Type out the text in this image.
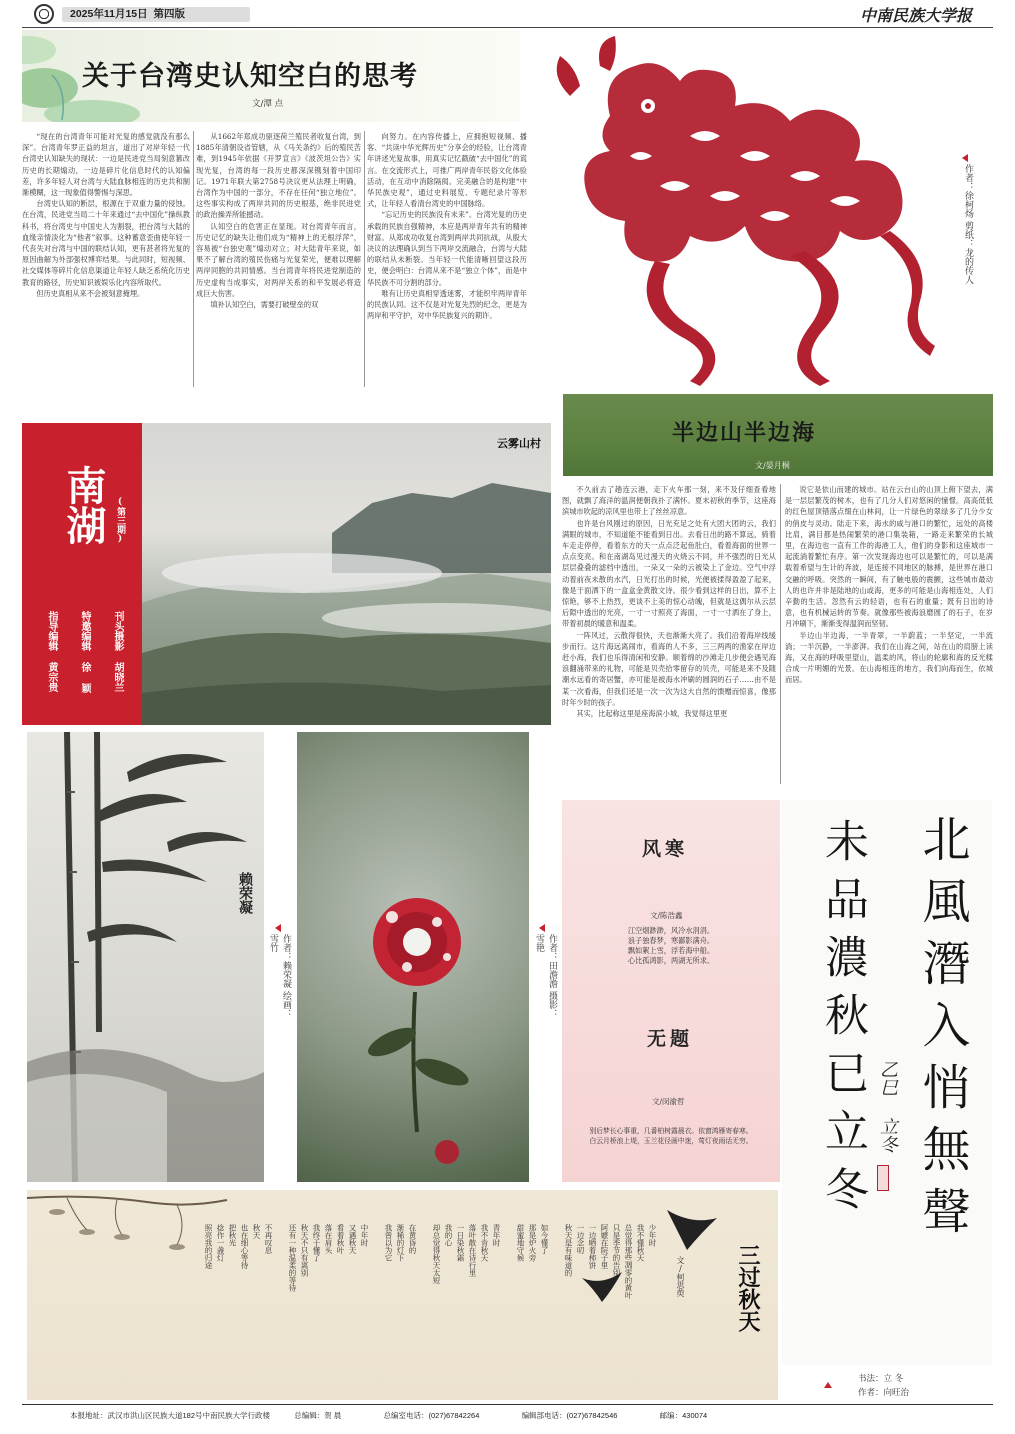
2025年11月15日 第四版	中南民族大学报
关于台湾史认知空白的思考
文/潭 点

“现在的台湾青年可能对光复的感觉就没有那么深”。台湾青年罗正益的坦言，道出了对岸年轻一代台湾史认知缺失的现状：一边是民进党当局刻意篡改历史的长期煽动，一边是碎片化信息时代的认知偏差，许多年轻人对台湾与大陆血脉相连的历史共和制渐模糊，这一现象值得警惕与深思。

台湾史认知的断层，根源在于双重力量的侵蚀。在台湾，民进党当局二十年来通过“去中国化”操纵教科书，将台湾史与中国史人为割裂，把台湾与大陆的血缘亲情淡化为“他者”叙事。这种蓄意歪曲使年轻一代丧失对台湾与中国的联结认知，更有甚者将光复的原因曲解为外部强权博弈结果。与此同时，短视频、社交媒体等碎片化信息渠道让年轻人缺乏系统化历史教育的路径，历史知识被娱乐化内容所取代。

但历史真相从来不会被刻意掩埋。

从1662年郑成功驱逐荷兰殖民者收复台湾，到1885年清朝设省管辖，从《马关条约》后的殖民苦难，到1945年依据《开罗宣言》《波茨坦公告》实现光复，台湾的每一段历史都深深镌刻着中国印记。1971年联大第2758号决议更从法理上明确，台湾作为中国的一部分，不存在任何“独立地位”。这些事实构成了两岸共同的历史根基，绝非民进党的政治操弄所能撼动。

认知空白的危害正在显现。对台湾青年而言，历史记忆的缺失让他们成为“精神上的无根浮萍”，容易被“台独史观”煽动对立；对大陆青年来说，如果不了解台湾的殖民伤痛与光复荣光，便难以理解两岸同胞的共同情感。当台湾青年将民进党制造的历史虚构当成事实，对两岸关系的和平发展必将造成巨大伤害。

填补认知空白，需要打破壁垒的双

向努力。在内容传播上，应拥抱短视频、播客、“共读中华光辉历史”分享会的经验，让台湾青年讲述光复故事，用真实记忆戳破“去中国化”的谎言。在交流形式上，可推广两岸青年民俗文化体验活动，在互动中消除隔阂。完美融合的是构建“中华民族史观”，通过史料展览、专题纪录片等形式，让年轻人看清台湾史的中国脉络。

“忘记历史的民族没有未来”。台湾光复的历史承载的民族自强精神，本应是两岸青年共有的精神财富。从郑成功收复台湾到两岸共同抗战，从殷大决议的法理确认到当下两岸交流融合，台湾与大陆的联结从未断裂。当年轻一代能清晰回望这段历史，便会明白：台湾从来不是“独立个体”，而是中华民族不可分割的部分。

唯有让历史真相穿透迷雾，才能织牢两岸青年的民族认同。这不仅是对光复先烈的纪念，更是为两岸和平守护，对中华民族复兴的期许。

作者：徐柯炀 剪纸：龙的传人
南湖 (第三期)
刊头摄影 胡晓兰
指导编辑 黄宗贵 特邀编辑 徐 颖
云雾山村	半边山半边海
文/晏月桐

不久前去了趟连云港，走下火车那一刻，来不及仔细查看地图，就飘了海洋的温润便朝我扑了满怀。夏末初秋的季节，这座海滨城市吹起的凉风里也带上了丝丝凉意。

也许是台风刚过的原因，日光充足之处有大团大团的云，我们满眼的城市，不知道能不能看到日出。去看日出的路不算远，骑着车走走停停，看着东方的天一点点泛起鱼肚白，看着海面的世界一点点变亮。和在南湖岛见过漫天的火烧云不同，并不强烈的日光从层层叠叠的滤档中透出，一朵又一朵的云被染上了金边。空气中浮动着前夜未散的水汽，日光打出的时候，光便被揉得盈盈了起来，像是于面洒下的一盒盒金黄散文诗。很少看到这样的日出，算不上惊艳，够不上热烈，更谈不上美的惊心动魄，但就是这偶尔从云层后隙中透出的光亮，一寸一寸照亮了海面，一寸一寸洒在了身上，带着初晨的暖意和温柔。

一阵风过，云散得很快，天也渐渐大亮了。我们沿着海岸线缓步而行。这片海远离闹市，看海的人不多，三三两两的渔家在岸边赶小海，我们也乐得清闲和安静。顺着绵的沙滩走几步便会遇见海浪翻涌带来的礼物，可能是贝壳拾零留存的贝壳，可能是来不及随潮水远看的寄居蟹，亦可能是被海水冲刷的圆润的石子……由不是某一次看海，但我们还是一次一次为这大自然的馈赠而惊喜，像那时年少时的孩子。

其实，比起称这里是座海滨小城，我觉得这里更

说它是依山而建的城市。站在云台山的山顶上俯下望去，满是一层层繁茂的树木，也有了几分人们对悠闲的憧憬。高高低低的红色屋顶错落点缀在山林间，让一片绿色的翠绿多了几分少女的俏皮与灵动。陆走下来，海水的咸与港口的繁忙，远处的高楼比肩，满目都是热闹繁荣的港口集装箱，一路走来繁荣的长城里，在海边也一直有工作的海港工人，他们的身影和这座城市一起流淌着繁忙有序。第一次发现海边也可以是繁忙的，可以是满载着希望与生计的奔波，是连接不同地区的脉搏，是世界在港口交融的呼吸。突然的一瞬间，有了触电般的震颤，这些城市最动人的也许并非是陆地的山或海，更多的可能是山海相连处，人们辛勤的生活。忽然有云的轻语，也有石的重量；既有日出的诗意，也有机械运转的节奏。就像那些被海浪磨圆了的石子，在岁月冲刷下，渐渐变得温润而坚韧。

半边山半边海，一半青翠，一半蔚蓝；一半坚定，一半流淌；一半沉静，一半澎湃。我们在山海之间，站在山的肩膀上读海，又在海的呼吸里望山，温柔的风，将山的轮廓和海的反光糅合成一片明媚的光景。在山海相连的地方，我们向海而生，依城而居。

赖荣凝
作者：赖荣凝 绘画：雪竹	作者：田澹澹 摄影：雪艳
风寒
文/陈浩鑫
江空烟渺渺，风冷水涓涓。
浪子独春梦，寒鄙影满舟。
飘如絮上雪，浮若海中船。
心比孤鸿影，两湖无所求。
无题
文/闵渝哲
别后梦长心事重，几番柏树露晨衣。依窗鸿雁寄春寒。
白云月桥浪上堤，玉兰花径画中迷，莺灯夜雨话无穷。	北風潛入悄無聲
未品濃秋已立冬 乙巳 立冬
书法：立 冬
作者：向旺治
三过秋天
文/柯思萸
少年时
我不懂秋天
总觉得那些凋零的黄叶
只是季节的告别
阿嬷在院子里
一边晒着柿饼
一边念叨
秋天是有味道的
如今懂了
那是炉火旁
甜蜜地守候
青年时
我不肯秋天
落叶散在诗行里
一日染秋霜
我的心
却总觉得秋天太短
在黄昏的
渐稀的灯下
我曾以为它
中年时
又遇秋天
看着秋叶
落在肩头
我终于懂了
秋天不只有离别
还有一种温柔的等待
不再叹息
秋天
也在细心等待
把秋光
捻作一盏灯
照亮我的归途
本报地址：武汉市洪山区民族大道182号中南民族大学行政楼	总编辑：贺 晨	总编室电话：(027)67842264	编辑部电话：(027)67842546	邮编：430074
